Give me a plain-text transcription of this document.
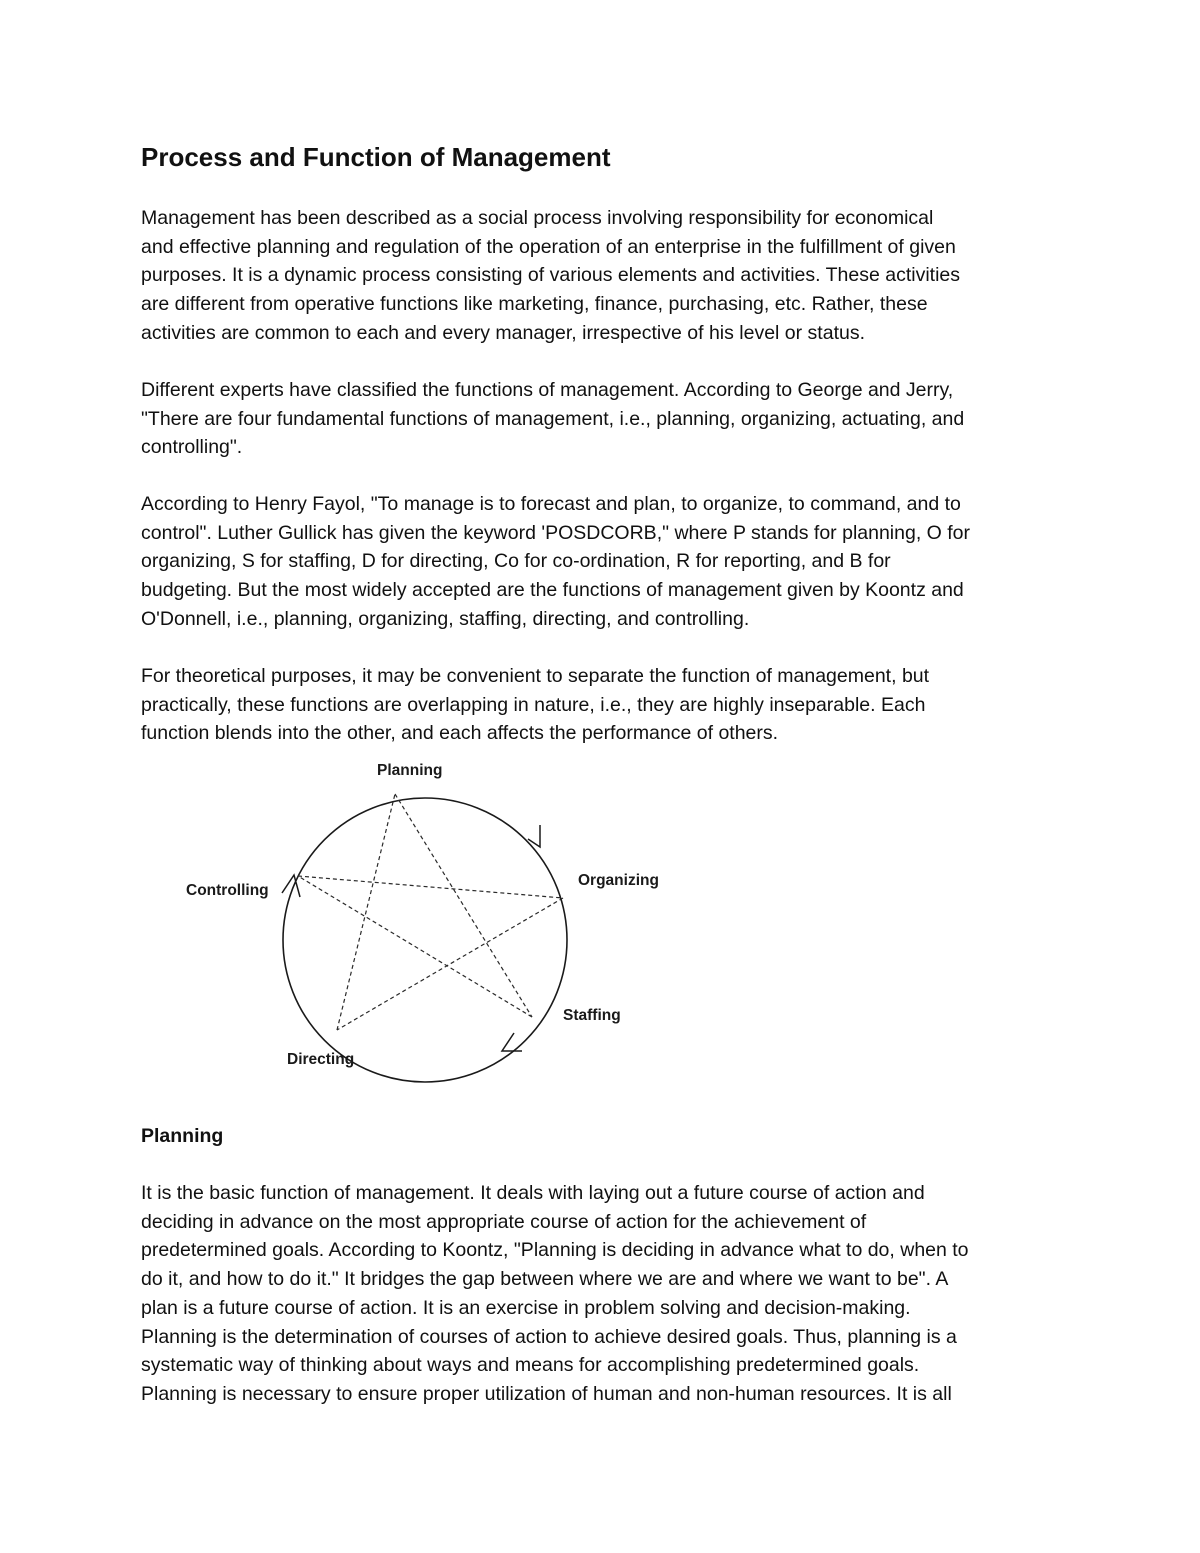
Process and Function of Management

Management has been described as a social process involving responsibility for economical
and effective planning and regulation of the operation of an enterprise in the fulfillment of given
purposes. It is a dynamic process consisting of various elements and activities. These activities
are different from operative functions like marketing, finance, purchasing, etc. Rather, these
activities are common to each and every manager, irrespective of his level or status.

Different experts have classified the functions of management. According to George and Jerry,
"There are four fundamental functions of management, i.e., planning, organizing, actuating, and
controlling".

According to Henry Fayol, "To manage is to forecast and plan, to organize, to command, and to
control". Luther Gullick has given the keyword 'POSDCORB," where P stands for planning, O for
organizing, S for staffing, D for directing, Co for co-ordination, R for reporting, and B for
budgeting. But the most widely accepted are the functions of management given by Koontz and
O'Donnell, i.e., planning, organizing, staffing, directing, and controlling.

For theoretical purposes, it may be convenient to separate the function of management, but
practically, these functions are overlapping in nature, i.e., they are highly inseparable. Each
function blends into the other, and each affects the performance of others.

Planning
Organizing
Staffing
Directing
Controlling
Planning

It is the basic function of management. It deals with laying out a future course of action and
deciding in advance on the most appropriate course of action for the achievement of
predetermined goals. According to Koontz, "Planning is deciding in advance what to do, when to
do it, and how to do it." It bridges the gap between where we are and where we want to be". A
plan is a future course of action. It is an exercise in problem solving and decision-making.
Planning is the determination of courses of action to achieve desired goals. Thus, planning is a
systematic way of thinking about ways and means for accomplishing predetermined goals.
Planning is necessary to ensure proper utilization of human and non-human resources. It is all
